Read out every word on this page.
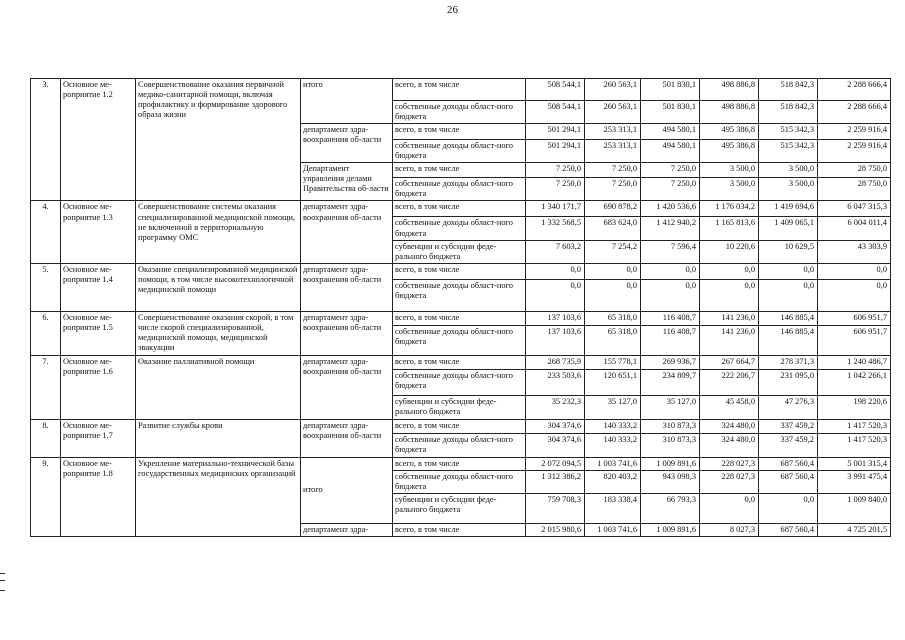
26
3.	Основное ме-роприятие 1.2	Совершенствование оказания первичной медико-санитарной помощи, включая профилактику и формирование здорового образа жизни	итого	всего, в том числе	508 544,1	260 563,1	501 830,1	498 886,8	518 842,3	2 288 666,4
				собственные доходы област-ного бюджета	508 544,1	260 563,1	501 830,1	498 886,8	518 842,3	2 288 666,4
			департамент здра-воохранения об-ласти	всего, в том числе	501 294,1	253 313,1	494 580,1	495 386,8	515 342,3	2 259 916,4
				собственные доходы област-ного бюджета	501 294,1	253 313,1	494 580,1	495 386,8	515 342,3	2 259 916,4
			Департамент управления делами Правительства об-ласти	всего, в том числе	7 250,0	7 250,0	7 250,0	3 500,0	3 500,0	28 750,0
				собственные доходы област-ного бюджета	7 250,0	7 250,0	7 250,0	3 500,0	3 500,0	28 750,0
4.	Основное ме-роприятие 1.3	Совершенствование системы оказания специализированной медицинской помощи, не включенной в территориальную программу ОМС	департамент здра-воохранения об-ласти	всего, в том числе	1 340 171,7	690 878,2	1 420 536,6	1 176 034,2	1 419 694,6	6 047 315,3
				собственные доходы област-ного бюджета	1 332 568,5	683 624,0	1 412 940,2	1 165 813,6	1 409 065,1	6 004 011,4
				субвенции и субсидии феде-рального бюджета	7 603,2	7 254,2	7 596,4	10 220,6	10 629,5	43 303,9
5.	Основное ме-роприятие 1.4	Оказание специализированной медицинской помощи, в том числе высокотехнологичной медицинской помощи	департамент здра-воохранения об-ласти	всего, в том числе	0,0	0,0	0,0	0,0	0,0	0,0
				собственные доходы област-ного бюджета	0,0	0,0	0,0	0,0	0,0	0,0
6.	Основное ме-роприятие 1.5	Совершенствование оказания скорой, в том числе скорой специализированной, медицинской помощи, медицинской эвакуации	департамент здра-воохранения об-ласти	всего, в том числе	137 103,6	65 318,0	116 408,7	141 236,0	146 885,4	606 951,7
				собственные доходы област-ного бюджета	137 103,6	65 318,0	116 408,7	141 236,0	146 885,4	606 951,7
7.	Основное ме-роприятие 1.6	Оказание паллиативной помощи	департамент здра-воохранения об-ласти	всего, в том числе	268 735,9	155 778,1	269 936,7	267 664,7	278 371,3	1 240 486,7
				собственные доходы област-ного бюджета	233 503,6	120 651,1	234 809,7	222 206,7	231 095,0	1 042 266,1
				субвенции и субсидии феде-рального бюджета	35 232,3	35 127,0	35 127,0	45 458,0	47 276,3	198 220,6
8.	Основное ме-роприятие 1.7	Развитие службы крови	департамент здра-воохранения об-ласти	всего, в том числе	304 374,6	140 333,2	310 873,3	324 480,0	337 459,2	1 417 520,3
				собственные доходы област-ного бюджета	304 374,6	140 333,2	310 873,3	324 480,0	337 459,2	1 417 520,3
9.	Основное ме-роприятие 1.8	Укрепление материально-технической базы государственных медицинских организаций	итого	всего, в том числе	2 072 094,5	1 003 741,6	1 009 891,6	228 027,3	687 560,4	5 001 315,4
				собственные доходы област-ного бюджета	1 312 386,2	820 403,2	943 098,3	228 027,3	687 560,4	3 991 475,4
				субвенции и субсидии феде-рального бюджета	759 708,3	183 338,4	66 793,3	0,0	0,0	1 009 840,0
			департамент здра-	всего, в том числе	2 015 980,6	1 003 741,6	1 009 891,6	8 027,3	687 560,4	4 725 201,5
